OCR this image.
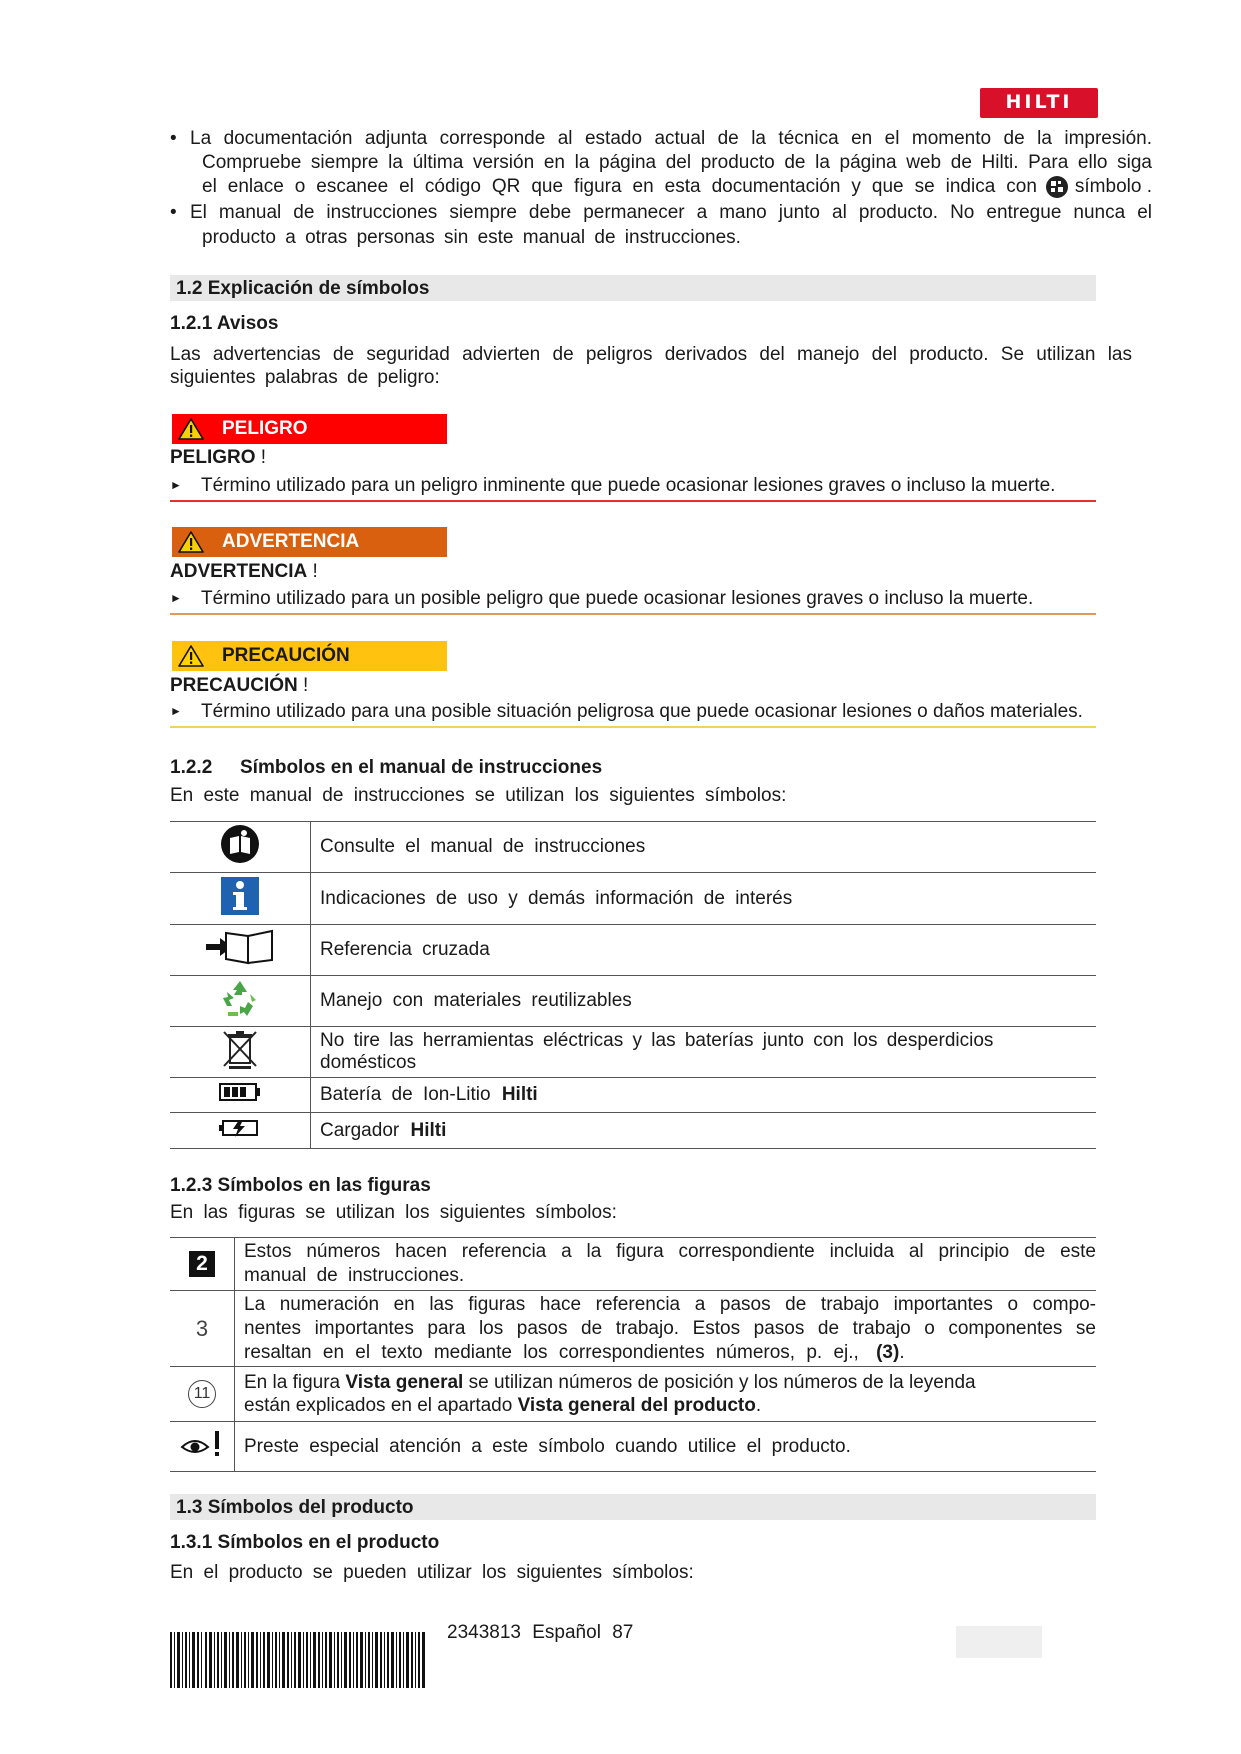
HILTI
• La documentación adjunta corresponde al estado actual de la técnica en el momento de la impresión.
Compruebe siempre la última versión en la página del producto de la página web de Hilti. Para ello siga
el enlace o escanee el código QR que figura en esta documentación y que se indica con símbolo .
• El manual de instrucciones siempre debe permanecer a mano junto al producto. No entregue nunca el
producto a otras personas sin este manual de instrucciones.
1.2 Explicación de símbolos
1.2.1 Avisos
Las advertencias de seguridad advierten de peligros derivados del manejo del producto. Se utilizan las
siguientes palabras de peligro:
PELIGRO
PELIGRO !
► Término utilizado para un peligro inminente que puede ocasionar lesiones graves o incluso la muerte.
ADVERTENCIA
ADVERTENCIA !
► Término utilizado para un posible peligro que puede ocasionar lesiones graves o incluso la muerte.
PRECAUCIÓN
PRECAUCIÓN !
► Término utilizado para una posible situación peligrosa que puede ocasionar lesiones o daños materiales.
1.2.2 Símbolos en el manual de instrucciones
En este manual de instrucciones se utilizan los siguientes símbolos:
	Consulte el manual de instrucciones
	Indicaciones de uso y demás información de interés
	Referencia cruzada
	Manejo con materiales reutilizables
	No tire las herramientas eléctricas y las baterías junto con los desperdicios domésticos
	Batería de Ion-Litio Hilti
	Cargador Hilti
1.2.3 Símbolos en las figuras
En las figuras se utilizan los siguientes símbolos:
2	Estos números hacen referencia a la figura correspondiente incluida al principio de este
manual de instrucciones.

3	La numeración en las figuras hace referencia a pasos de trabajo importantes o compo-
nentes importantes para los pasos de trabajo. Estos pasos de trabajo o componentes se
resaltan en el texto mediante los correspondientes números, p. ej., (3).

11	En la figura Vista general se utilizan números de posición y los números de la leyenda
están explicados en el apartado Vista general del producto.

	Preste especial atención a este símbolo cuando utilice el producto.
1.3 Símbolos del producto
1.3.1 Símbolos en el producto
En el producto se pueden utilizar los siguientes símbolos:
2343813 Español 87
